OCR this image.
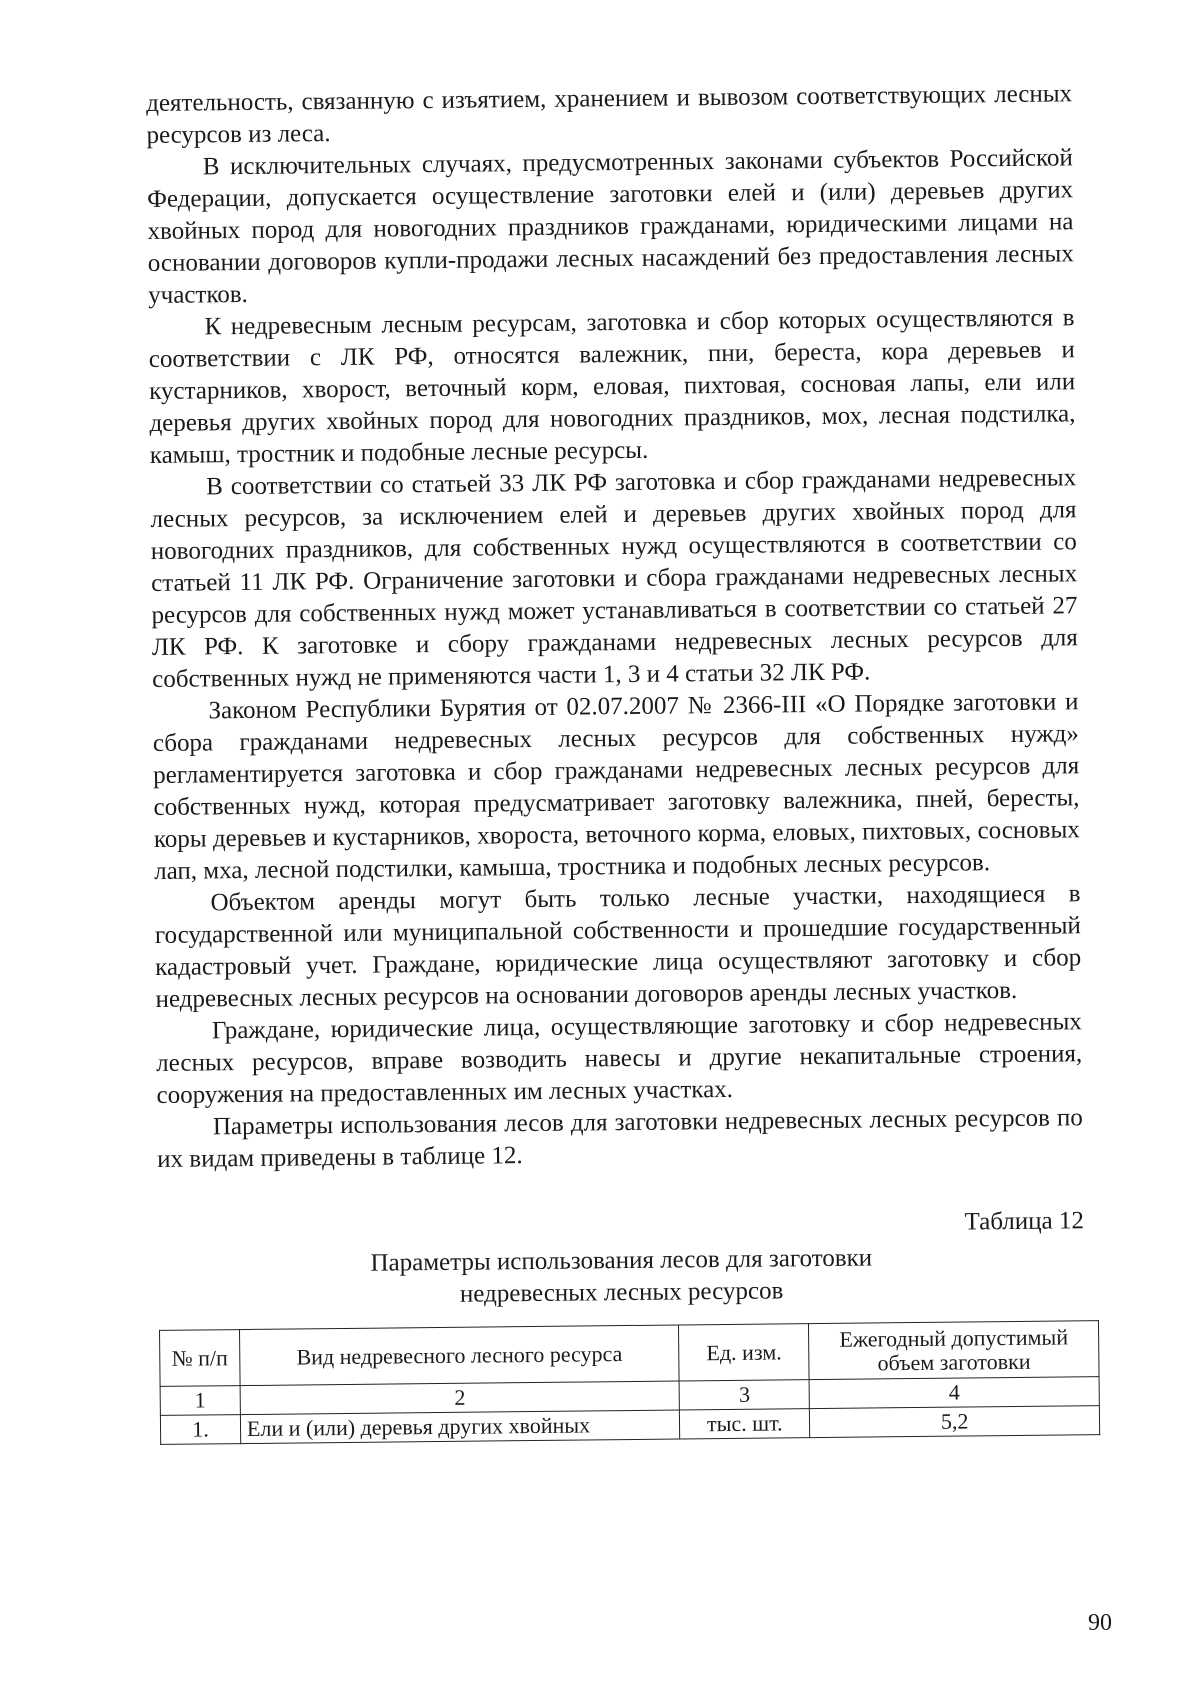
деятельность, связанную с изъятием, хранением и вывозом соответствующих лесных ресурсов из леса.

В исключительных случаях, предусмотренных законами субъектов Российской Федерации, допускается осуществление заготовки елей и (или) деревьев других хвойных пород для новогодних праздников гражданами, юридическими лицами на основании договоров купли-продажи лесных насаждений без предоставления лесных участков.

К недревесным лесным ресурсам, заготовка и сбор которых осуществляются в соответствии с ЛК РФ, относятся валежник, пни, береста, кора деревьев и кустарников, хворост, веточный корм, еловая, пихтовая, сосновая лапы, ели или деревья других хвойных пород для новогодних праздников, мох, лесная подстилка, камыш, тростник и подобные лесные ресурсы.

В соответствии со статьей 33 ЛК РФ заготовка и сбор гражданами недревесных лесных ресурсов, за исключением елей и деревьев других хвойных пород для новогодних праздников, для собственных нужд осуществляются в соответствии со статьей 11 ЛК РФ. Ограничение заготовки и сбора гражданами недревесных лесных ресурсов для собственных нужд может устанавливаться в соответствии со статьей 27 ЛК РФ. К заготовке и сбору гражданами недревесных лесных ресурсов для собственных нужд не применяются части 1, 3 и 4 статьи 32 ЛК РФ.

Законом Республики Бурятия от 02.07.2007 № 2366-III «О Порядке заготовки и сбора гражданами недревесных лесных ресурсов для собственных нужд» регламентируется заготовка и сбор гражданами недревесных лесных ресурсов для собственных нужд, которая предусматривает заготовку валежника, пней, бересты, коры деревьев и кустарников, хвороста, веточного корма, еловых, пихтовых, сосновых лап, мха, лесной подстилки, камыша, тростника и подобных лесных ресурсов.

Объектом аренды могут быть только лесные участки, находящиеся в государственной или муниципальной собственности и прошедшие государственный кадастровый учет. Граждане, юридические лица осуществляют заготовку и сбор недревесных лесных ресурсов на основании договоров аренды лесных участков.

Граждане, юридические лица, осуществляющие заготовку и сбор недревесных лесных ресурсов, вправе возводить навесы и другие некапитальные строения, сооружения на предоставленных им лесных участках.

Параметры использования лесов для заготовки недревесных лесных ресурсов по их видам приведены в таблице 12.

Таблица 12
Параметры использования лесов для заготовки
недревесных лесных ресурсов
№ п/п	Вид недревесного лесного ресурса	Ед. изм.	Ежегодный допустимый объем заготовки
1	2	3	4
1.	Ели и (или) деревья других хвойных	тыс. шт.	5,2
90
